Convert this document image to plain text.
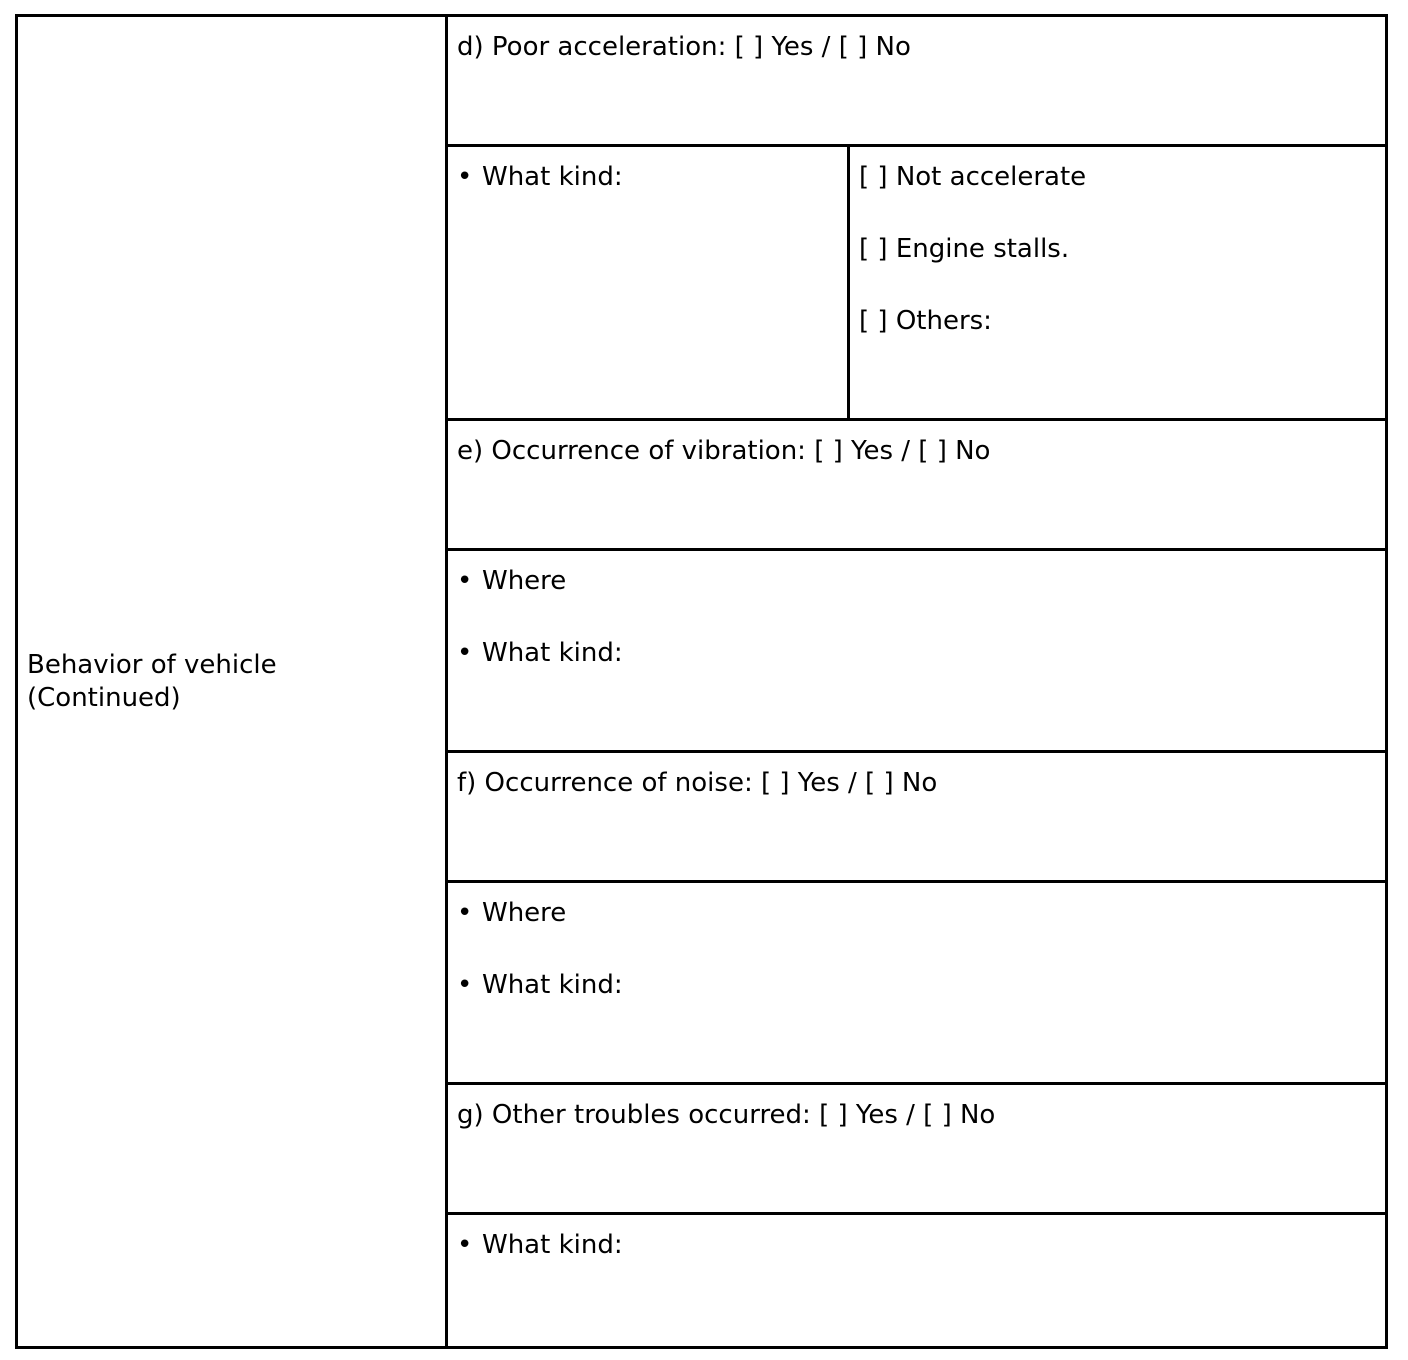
Behavior of vehicle
(Continued)	d) Poor acceleration: [ ] Yes / [ ] No	

	• What kind:	[ ] Not accelerate
[ ] Engine stalls.
[ ] Others:

	e) Occurrence of vibration: [ ] Yes / [ ] No	

	• Where
• What kind:	

	f) Occurrence of noise: [ ] Yes / [ ] No	

	• Where
• What kind:	

	g) Other troubles occurred: [ ] Yes / [ ] No	

	• What kind:	
